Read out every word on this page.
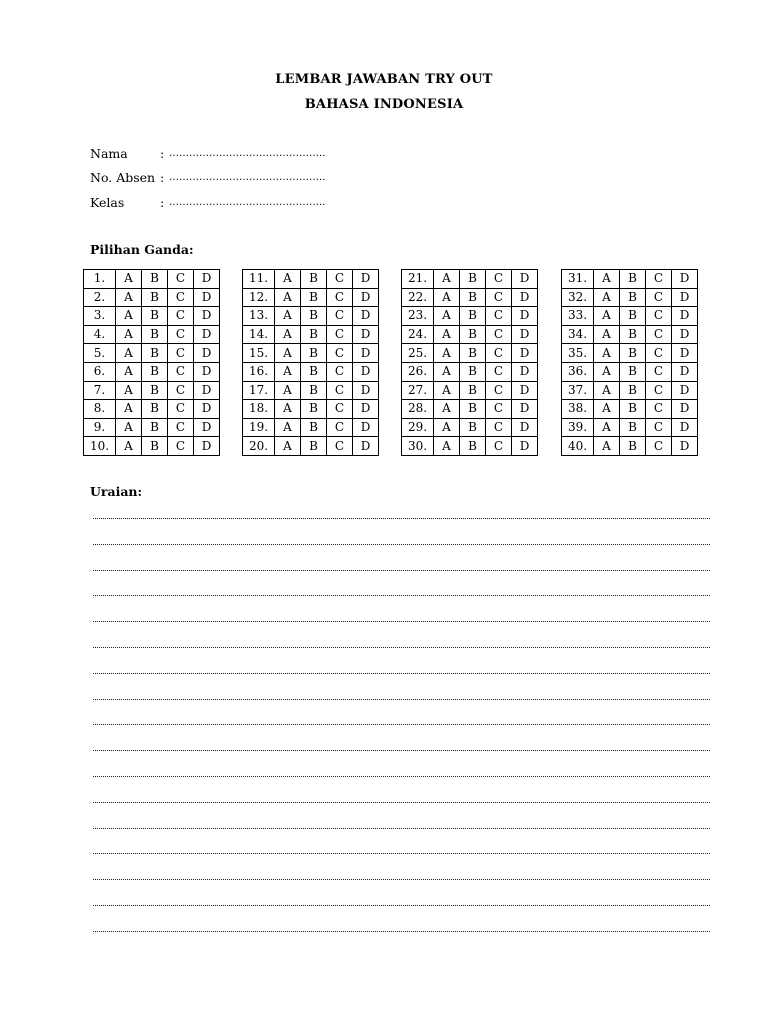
LEMBAR JAWABAN TRY OUT
BAHASA INDONESIA
Nama	: ………………………………………..
No. Absen : ………………………………………..
Kelas	: ………………………………………..
Pilihan Ganda:
1.	A	B	C	D
2.	A	B	C	D
3.	A	B	C	D
4.	A	B	C	D
5.	A	B	C	D
6.	A	B	C	D
7.	A	B	C	D
8.	A	B	C	D
9.	A	B	C	D
10.	A	B	C	D
11.	A	B	C	D
12.	A	B	C	D
13.	A	B	C	D
14.	A	B	C	D
15.	A	B	C	D
16.	A	B	C	D
17.	A	B	C	D
18.	A	B	C	D
19.	A	B	C	D
20.	A	B	C	D
21.	A	B	C	D
22.	A	B	C	D
23.	A	B	C	D
24.	A	B	C	D
25.	A	B	C	D
26.	A	B	C	D
27.	A	B	C	D
28.	A	B	C	D
29.	A	B	C	D
30.	A	B	C	D
31.	A	B	C	D
32.	A	B	C	D
33.	A	B	C	D
34.	A	B	C	D
35.	A	B	C	D
36.	A	B	C	D
37.	A	B	C	D
38.	A	B	C	D
39.	A	B	C	D
40.	A	B	C	D
Uraian:
